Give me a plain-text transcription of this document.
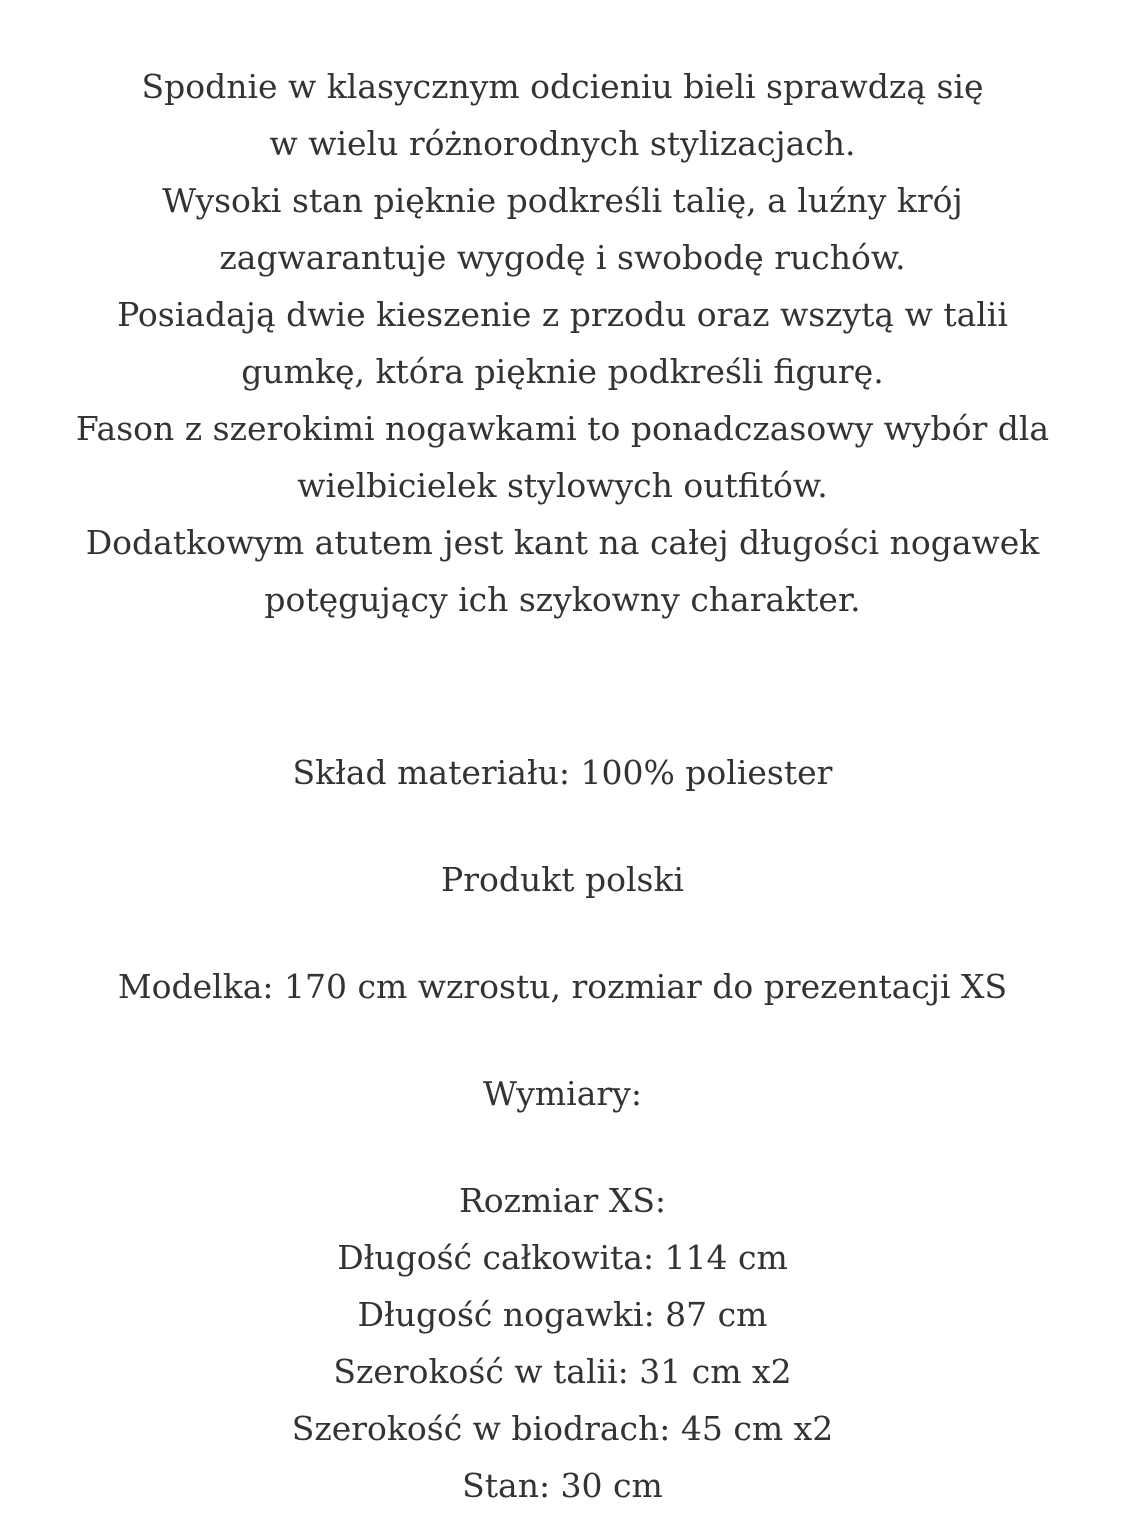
Spodnie w klasycznym odcieniu bieli sprawdzą się
w wielu różnorodnych stylizacjach.
Wysoki stan pięknie podkreśli talię, a luźny krój
zagwarantuje wygodę i swobodę ruchów.
Posiadają dwie kieszenie z przodu oraz wszytą w talii
gumkę, która pięknie podkreśli figurę.
Fason z szerokimi nogawkami to ponadczasowy wybór dla
wielbicielek stylowych outfitów.
Dodatkowym atutem jest kant na całej długości nogawek
potęgujący ich szykowny charakter.
Skład materiału: 100% poliester
Produkt polski
Modelka: 170 cm wzrostu, rozmiar do prezentacji XS
Wymiary:
Rozmiar XS:
Długość całkowita: 114 cm
Długość nogawki: 87 cm
Szerokość w talii: 31 cm x2
Szerokość w biodrach: 45 cm x2
Stan: 30 cm
